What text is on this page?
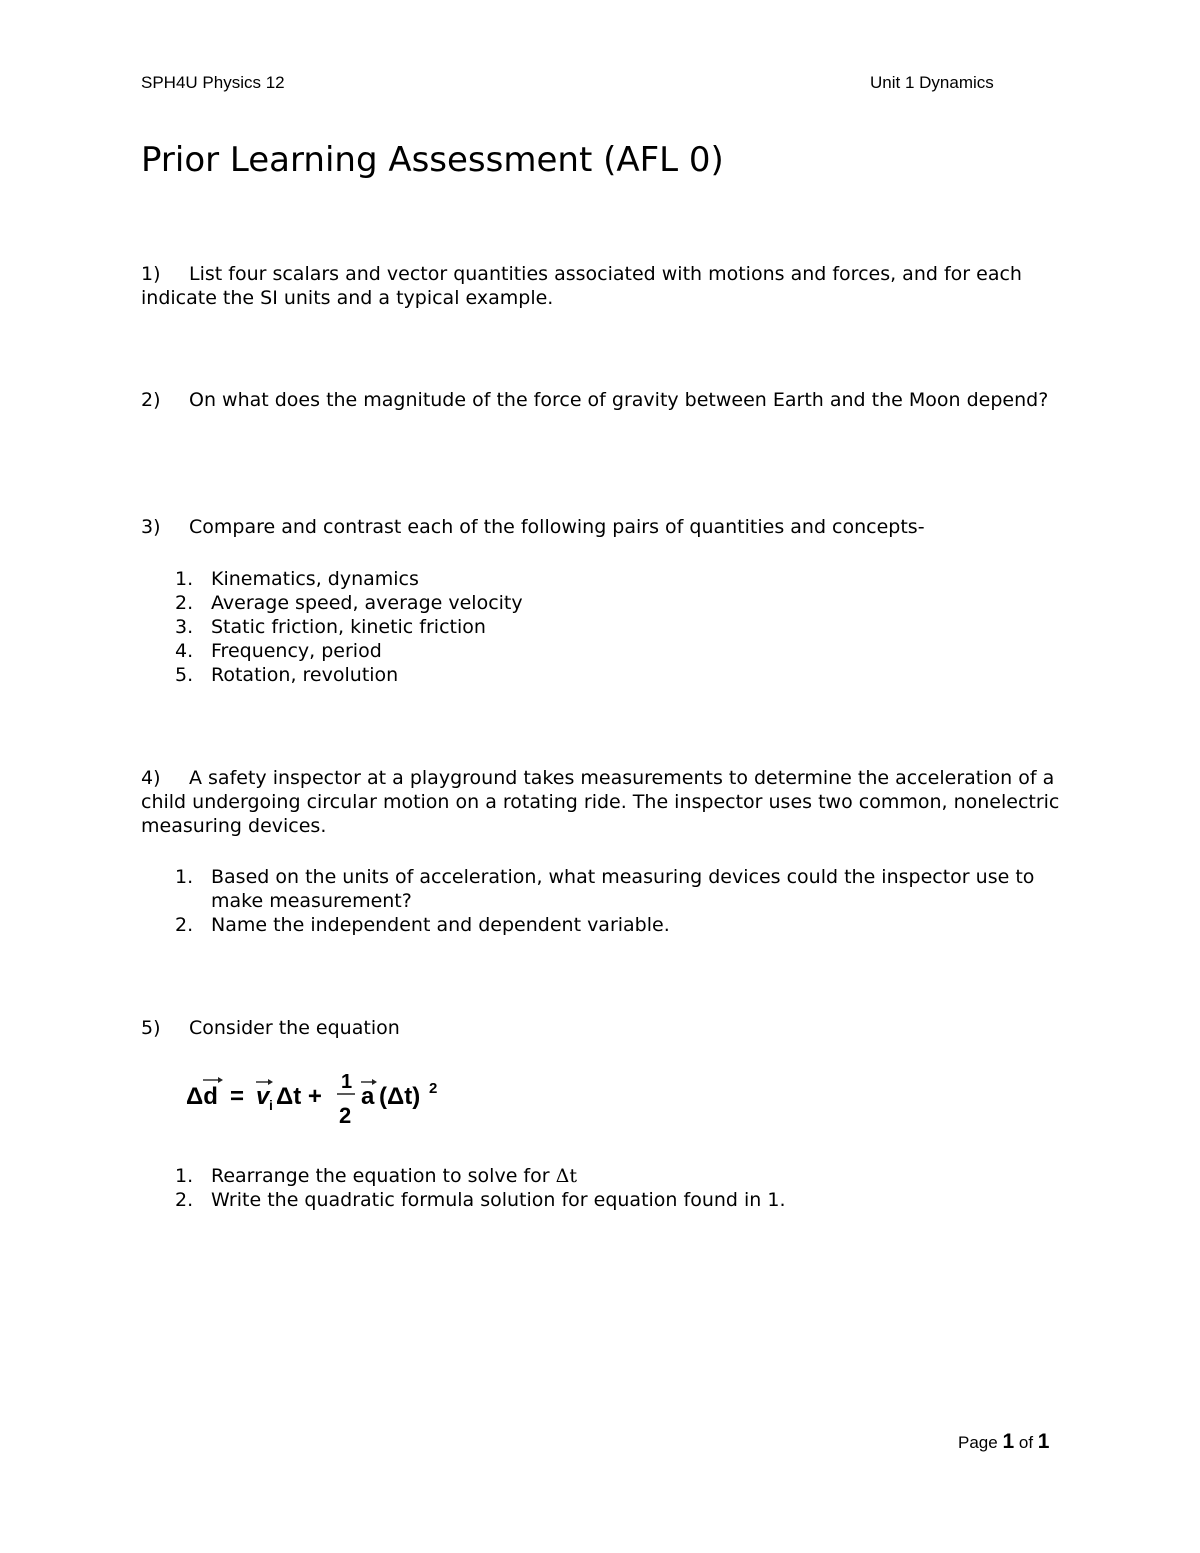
SPH4U Physics 12	Unit 1 Dynamics
Prior Learning Assessment (AFL 0)
1) List four scalars and vector quantities associated with motions and forces, and for each indicate the SI units and a typical example.
2) On what does the magnitude of the force of gravity between Earth and the Moon depend?
3) Compare and contrast each of the following pairs of quantities and concepts-
1. Kinematics, dynamics
2. Average speed, average velocity
3. Static friction, kinetic friction
4. Frequency, period
5. Rotation, revolution
4) A safety inspector at a playground takes measurements to determine the acceleration of a child undergoing circular motion on a rotating ride. The inspector uses two common, nonelectric measuring devices.
1. Based on the units of acceleration, what measuring devices could the inspector use to make measurement?
2. Name the independent and dependent variable.
5) Consider the equation
Δd = v i Δt +
1
2
a (Δt) 2
1. Rearrange the equation to solve for Δt
2. Write the quadratic formula solution for equation found in 1.
Page 1 of 1
